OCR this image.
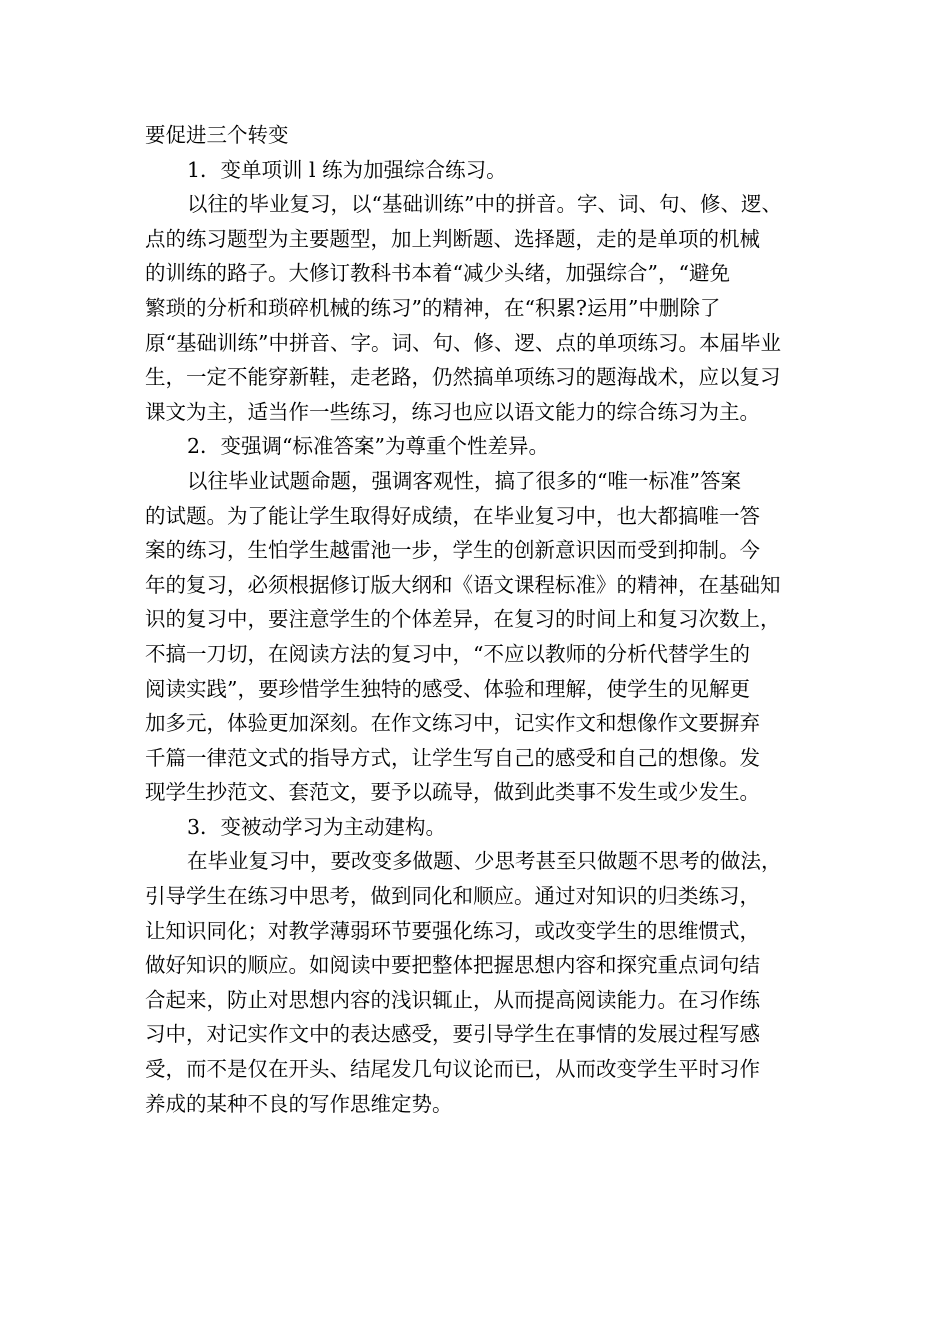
要促进三个转变
1．变单项训 l 练为加强综合练习。
以往的毕业复习，以“基础训练”中的拼音。字、词、句、修、逻、
点的练习题型为主要题型，加上判断题、选择题，走的是单项的机械
的训练的路子。大修订教科书本着“减少头绪，加强综合”，“避免
繁琐的分析和琐碎机械的练习”的精神，在“积累?运用”中删除了
原“基础训练”中拼音、字。词、句、修、逻、点的单项练习。本届毕业
生，一定不能穿新鞋，走老路，仍然搞单项练习的题海战术，应以复习
课文为主，适当作一些练习，练习也应以语文能力的综合练习为主。
2．变强调“标准答案”为尊重个性差异。
以往毕业试题命题，强调客观性，搞了很多的“唯一标准”答案
的试题。为了能让学生取得好成绩，在毕业复习中，也大都搞唯一答
案的练习，生怕学生越雷池一步，学生的创新意识因而受到抑制。今
年的复习，必须根据修订版大纲和《语文课程标准》的精神，在基础知
识的复习中，要注意学生的个体差异，在复习的时间上和复习次数上，
不搞一刀切，在阅读方法的复习中，“不应以教师的分析代替学生的
阅读实践”，要珍惜学生独特的感受、体验和理解，使学生的见解更
加多元，体验更加深刻。在作文练习中，记实作文和想像作文要摒弃
千篇一律范文式的指导方式，让学生写自己的感受和自己的想像。发
现学生抄范文、套范文，要予以疏导，做到此类事不发生或少发生。
3．变被动学习为主动建构。
在毕业复习中，要改变多做题、少思考甚至只做题不思考的做法，
引导学生在练习中思考，做到同化和顺应。通过对知识的归类练习，
让知识同化；对教学薄弱环节要强化练习，或改变学生的思维惯式，
做好知识的顺应。如阅读中要把整体把握思想内容和探究重点词句结
合起来，防止对思想内容的浅识辄止，从而提高阅读能力。在习作练
习中，对记实作文中的表达感受，要引导学生在事情的发展过程写感
受，而不是仅在开头、结尾发几句议论而已，从而改变学生平时习作
养成的某种不良的写作思维定势。
